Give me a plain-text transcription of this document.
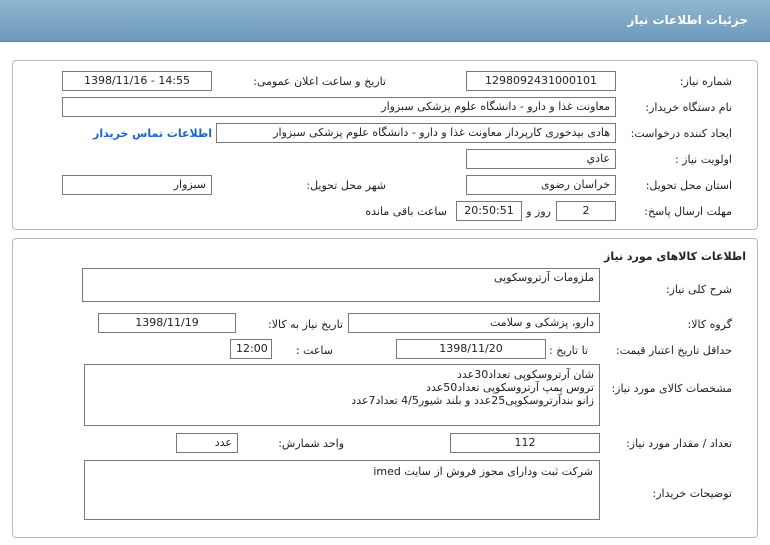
جزئیات اطلاعات نیاز
شماره نیاز:
1298092431000101
تاریخ و ساعت اعلان عمومی:
1398/11/16 - 14:55
نام دستگاه خریدار:
معاونت غذا و دارو - دانشگاه علوم پزشکی سبزوار
ایجاد کننده درخواست:
هادی بیدخوری کارپرداز معاونت غذا و دارو - دانشگاه علوم پزشکی سبزوار
اطلاعات تماس خریدار
اولویت نیاز :
عادي
استان محل تحویل:
خراسان رضوی
شهر محل تحویل:
سبزوار
مهلت ارسال پاسخ:
2
روز و
20:50:51
ساعت باقی مانده
اطلاعات کالاهای مورد نیاز
شرح کلی نیاز:
ملزومات آرتروسکوپی
گروه کالا:
دارو، پزشکی و سلامت
تاریخ نیاز به کالا:
1398/11/19
حداقل تاریخ اعتبار قیمت:
تا تاریخ :
1398/11/20
ساعت :
12:00
مشخصات کالای مورد نیاز:
شان آرتروسکوپی تعداد30عدد
تروس پمپ آرتروسکوپی تعداد50عدد
زانو بندآرتروسکوپی25عدد و بلند شیور4/5 تعداد7عدد
تعداد / مقدار مورد نیاز:
112
واحد شمارش:
عدد
توضیحات خریدار:
شرکت ثبت ودارای مجوز فروش از سایت imed
